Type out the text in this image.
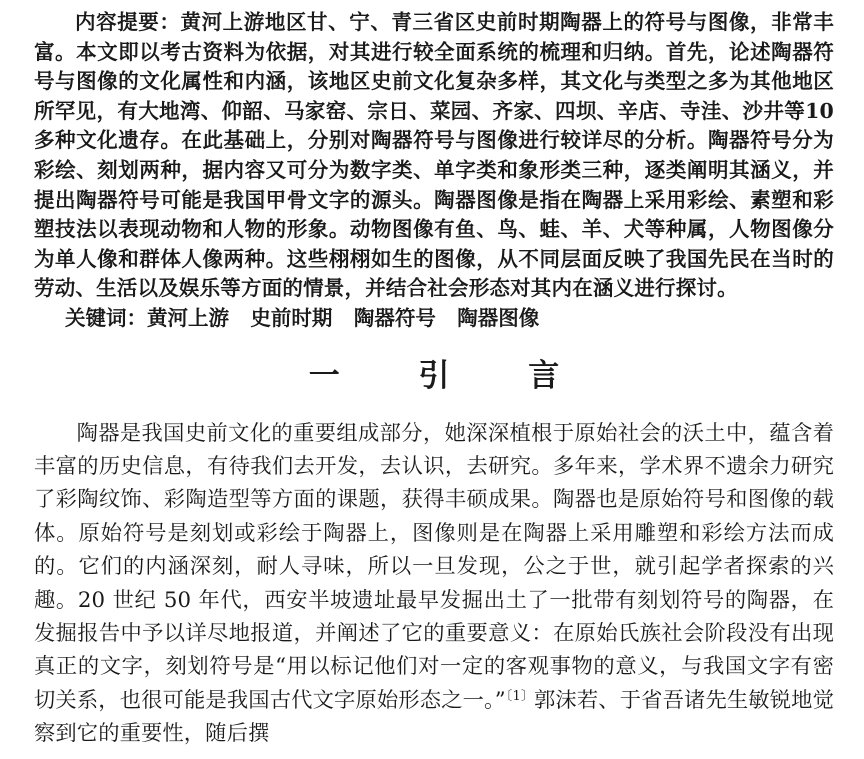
内容提要：黄河上游地区甘、宁、青三省区史前时期陶器上的符号与图像，非常丰富。本文即以考古资料为依据，对其进行较全面系统的梳理和归纳。首先，论述陶器符号与图像的文化属性和内涵，该地区史前文化复杂多样，其文化与类型之多为其他地区所罕见，有大地湾、仰韶、马家窑、宗日、菜园、齐家、四坝、辛店、寺洼、沙井等10多种文化遗存。在此基础上，分别对陶器符号与图像进行较详尽的分析。陶器符号分为彩绘、刻划两种，据内容又可分为数字类、单字类和象形类三种，逐类阐明其涵义，并提出陶器符号可能是我国甲骨文字的源头。陶器图像是指在陶器上采用彩绘、素塑和彩塑技法以表现动物和人物的形象。动物图像有鱼、鸟、蛙、羊、犬等种属，人物图像分为单人像和群体人像两种。这些栩栩如生的图像，从不同层面反映了我国先民在当时的劳动、生活以及娱乐等方面的情景，并结合社会形态对其内在涵义进行探讨。

关键词：黄河上游 史前时期 陶器符号 陶器图像

一 引 言

陶器是我国史前文化的重要组成部分，她深深植根于原始社会的沃土中，蕴含着丰富的历史信息，有待我们去开发，去认识，去研究。多年来，学术界不遗余力研究了彩陶纹饰、彩陶造型等方面的课题，获得丰硕成果。陶器也是原始符号和图像的载体。原始符号是刻划或彩绘于陶器上，图像则是在陶器上采用雕塑和彩绘方法而成的。它们的内涵深刻，耐人寻味，所以一旦发现，公之于世，就引起学者探索的兴趣。20 世纪 50 年代，西安半坡遗址最早发掘出土了一批带有刻划符号的陶器，在发掘报告中予以详尽地报道，并阐述了它的重要意义：在原始氏族社会阶段没有出现真正的文字，刻划符号是“用以标记他们对一定的客观事物的意义，与我国文字有密切关系，也很可能是我国古代文字原始形态之一。”$^{〔1〕}$郭沫若、于省吾诸先生敏锐地觉察到它的重要性，随后撰
